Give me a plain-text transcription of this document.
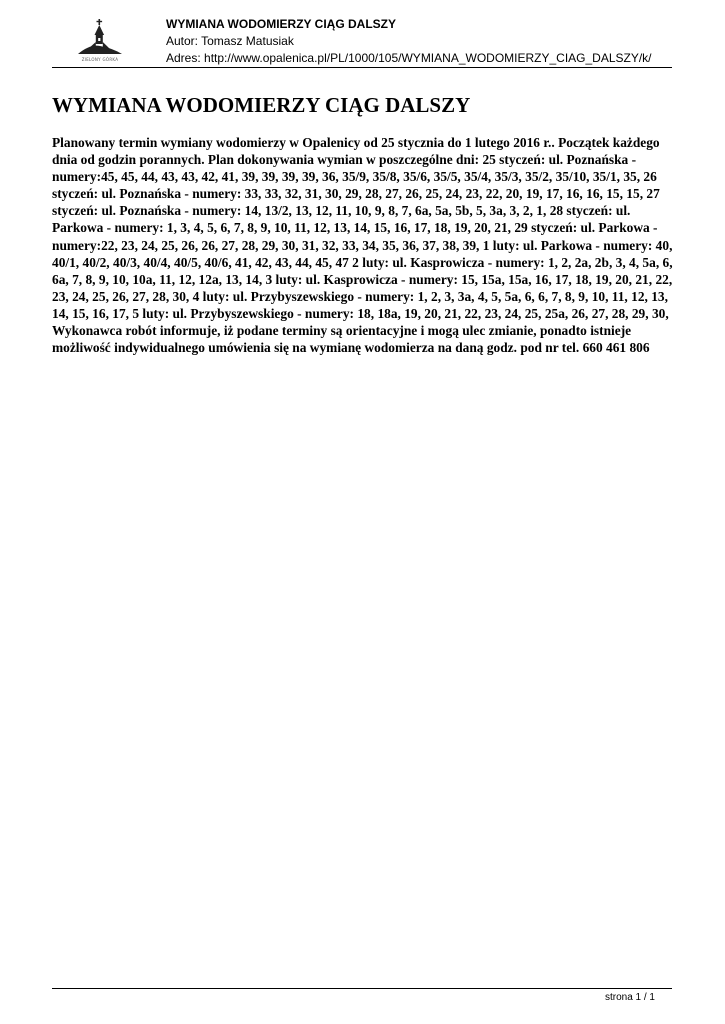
ZIELONY GÓRKA
WYMIANA WODOMIERZY CIĄG DALSZY
Autor: Tomasz Matusiak
Adres: http://www.opalenica.pl/PL/1000/105/WYMIANA_WODOMIERZY_CIAG_DALSZY/k/
WYMIANA WODOMIERZY CIĄG DALSZY

Planowany termin wymiany wodomierzy w Opalenicy od 25 stycznia do 1 lutego 2016 r.. Początek każdego dnia od godzin porannych. Plan dokonywania wymian w poszczególne dni: 25 styczeń: ul. Poznańska - numery:45, 45, 44, 43, 43, 42, 41, 39, 39, 39, 39, 36, 35/9, 35/8, 35/6, 35/5, 35/4, 35/3, 35/2, 35/10, 35/1, 35, 26 styczeń: ul. Poznańska - numery: 33, 33, 32, 31, 30, 29, 28, 27, 26, 25, 24, 23, 22, 20, 19, 17, 16, 16, 15, 15, 27 styczeń: ul. Poznańska - numery: 14, 13/2, 13, 12, 11, 10, 9, 8, 7, 6a, 5a, 5b, 5, 3a, 3, 2, 1, 28 styczeń: ul. Parkowa - numery: 1, 3, 4, 5, 6, 7, 8, 9, 10, 11, 12, 13, 14, 15, 16, 17, 18, 19, 20, 21, 29 styczeń: ul. Parkowa - numery:22, 23, 24, 25, 26, 26, 27, 28, 29, 30, 31, 32, 33, 34, 35, 36, 37, 38, 39, 1 luty: ul. Parkowa - numery: 40, 40/1, 40/2, 40/3, 40/4, 40/5, 40/6, 41, 42, 43, 44, 45, 47 2 luty: ul. Kasprowicza - numery: 1, 2, 2a, 2b, 3, 4, 5a, 6, 6a, 7, 8, 9, 10, 10a, 11, 12, 12a, 13, 14, 3 luty: ul. Kasprowicza - numery: 15, 15a, 15a, 16, 17, 18, 19, 20, 21, 22, 23, 24, 25, 26, 27, 28, 30, 4 luty: ul. Przybyszewskiego - numery: 1, 2, 3, 3a, 4, 5, 5a, 6, 6, 7, 8, 9, 10, 11, 12, 13, 14, 15, 16, 17, 5 luty: ul. Przybyszewskiego - numery: 18, 18a, 19, 20, 21, 22, 23, 24, 25, 25a, 26, 27, 28, 29, 30, Wykonawca robót informuje, iż podane terminy są orientacyjne i mogą ulec zmianie, ponadto istnieje możliwość indywidualnego umówienia się na wymianę wodomierza na daną godz. pod nr tel. 660 461 806

strona 1 / 1
